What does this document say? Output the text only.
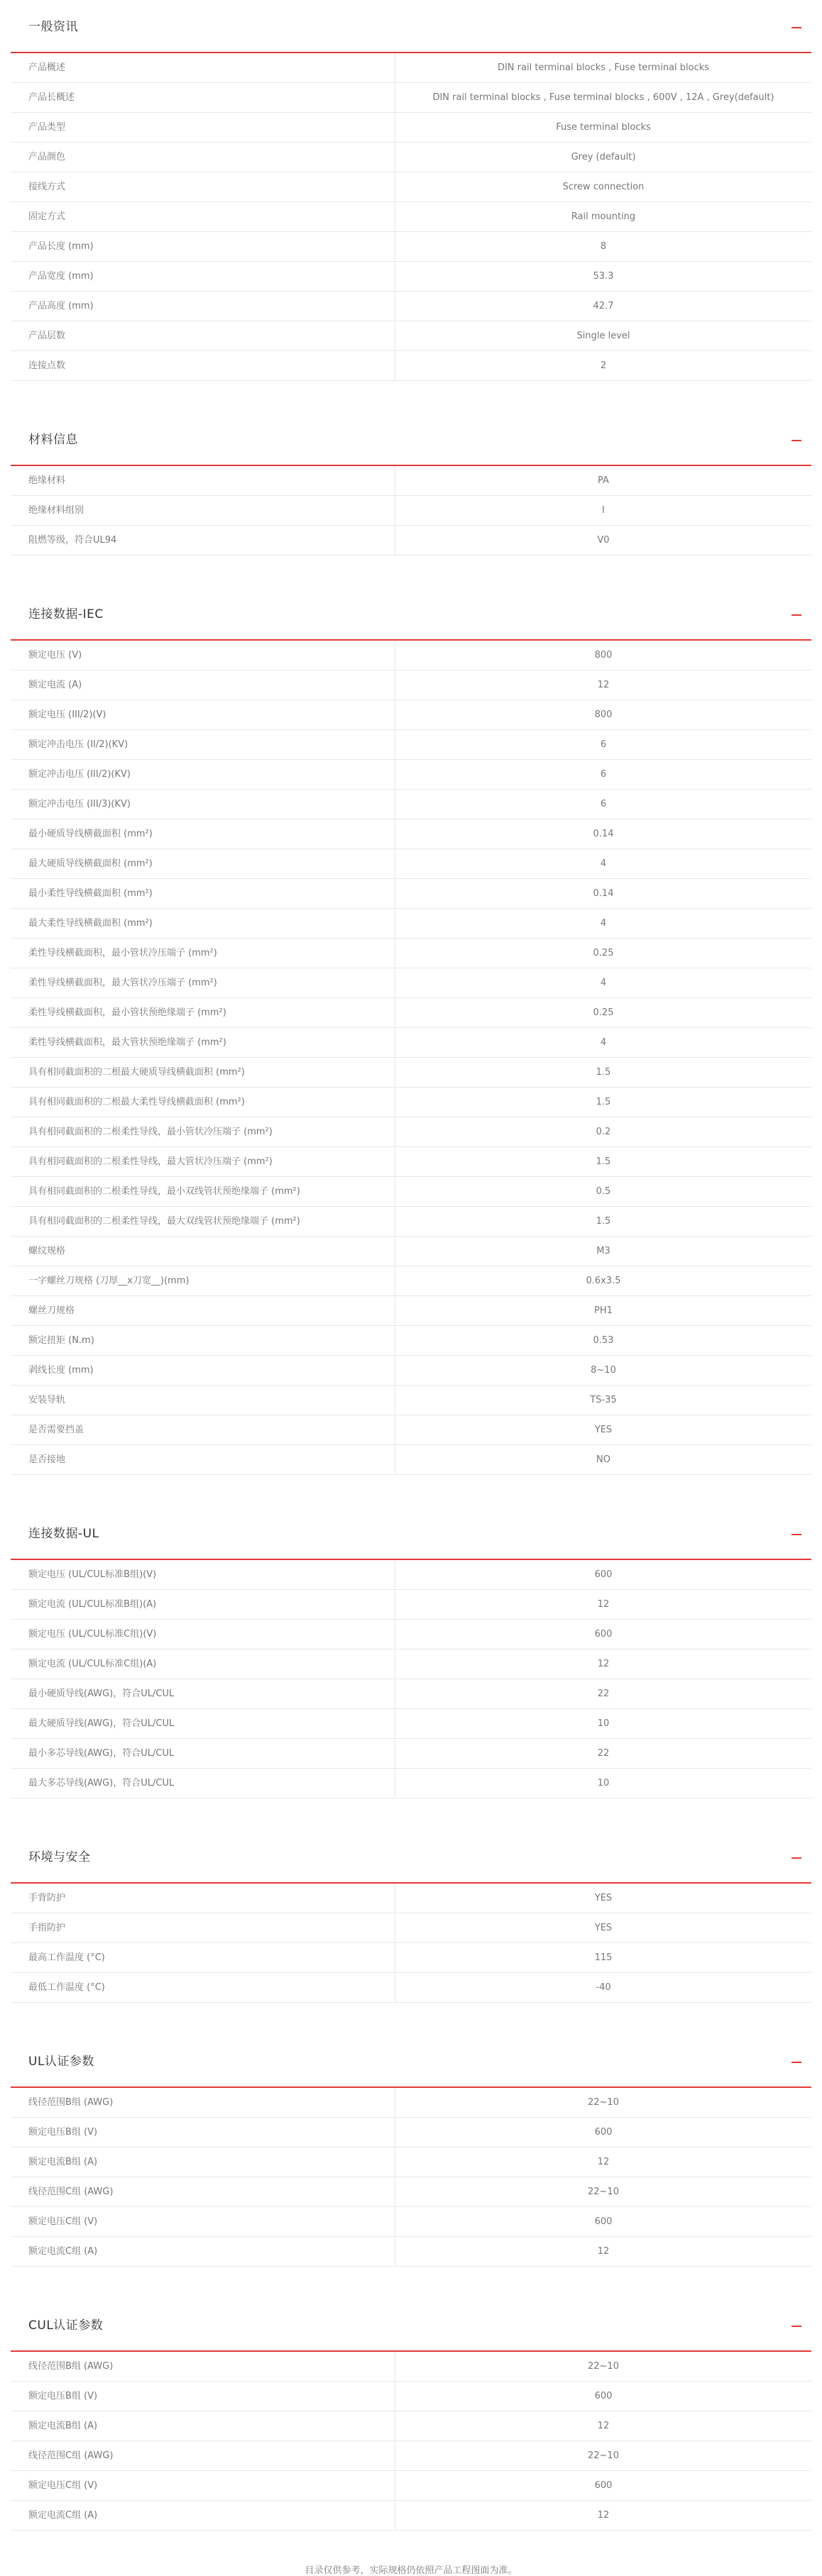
一般资讯
产品概述	DIN rail terminal blocks , Fuse terminal blocks
产品长概述	DIN rail terminal blocks , Fuse terminal blocks , 600V , 12A , Grey(default)
产品类型	Fuse terminal blocks
产品颜色	Grey (default)
接线方式	Screw connection
固定方式	Rail mounting
产品长度 (mm)	8
产品宽度 (mm)	53.3
产品高度 (mm)	42.7
产品层数	Single level
连接点数	2
材料信息
绝缘材料	PA
绝缘材料组别	I
阻燃等级，符合UL94	V0
连接数据-IEC
额定电压 (V)	800
额定电流 (A)	12
额定电压 (III/2)(V)	800
额定冲击电压 (II/2)(KV)	6
额定冲击电压 (III/2)(KV)	6
额定冲击电压 (III/3)(KV)	6
最小硬质导线横截面积 (mm²)	0.14
最大硬质导线横截面积 (mm²)	4
最小柔性导线横截面积 (mm²)	0.14
最大柔性导线横截面积 (mm²)	4
柔性导线横截面积，最小管状冷压端子 (mm²)	0.25
柔性导线横截面积，最大管状冷压端子 (mm²)	4
柔性导线横截面积，最小管状预绝缘端子 (mm²)	0.25
柔性导线横截面积，最大管状预绝缘端子 (mm²)	4
具有相同截面积的二根最大硬质导线横截面积 (mm²)	1.5
具有相同截面积的二根最大柔性导线横截面积 (mm²)	1.5
具有相同截面积的二根柔性导线，最小管状冷压端子 (mm²)	0.2
具有相同截面积的二根柔性导线，最大管状冷压端子 (mm²)	1.5
具有相同截面积的二根柔性导线，最小双线管状预绝缘端子 (mm²)	0.5
具有相同截面积的二根柔性导线，最大双线管状预绝缘端子 (mm²)	1.5
螺纹规格	M3
一字螺丝刀规格 (刀厚__x刀宽__)(mm)	0.6x3.5
螺丝刀规格	PH1
额定扭矩 (N.m)	0.53
剥线长度 (mm)	8~10
安装导轨	TS-35
是否需要挡盖	YES
是否接地	NO
连接数据-UL
额定电压 (UL/CUL标准B组)(V)	600
额定电流 (UL/CUL标准B组)(A)	12
额定电压 (UL/CUL标准C组)(V)	600
额定电流 (UL/CUL标准C组)(A)	12
最小硬质导线(AWG)，符合UL/CUL	22
最大硬质导线(AWG)，符合UL/CUL	10
最小多芯导线(AWG)，符合UL/CUL	22
最大多芯导线(AWG)，符合UL/CUL	10
环境与安全
手背防护	YES
手指防护	YES
最高工作温度 (°C)	115
最低工作温度 (°C)	-40
UL认证参数
线径范围B组 (AWG)	22~10
额定电压B组 (V)	600
额定电流B组 (A)	12
线径范围C组 (AWG)	22~10
额定电压C组 (V)	600
额定电流C组 (A)	12
CUL认证参数
线径范围B组 (AWG)	22~10
额定电压B组 (V)	600
额定电流B组 (A)	12
线径范围C组 (AWG)	22~10
额定电压C组 (V)	600
额定电流C组 (A)	12
目录仅供参考，实际规格仍依照产品工程图面为准。
